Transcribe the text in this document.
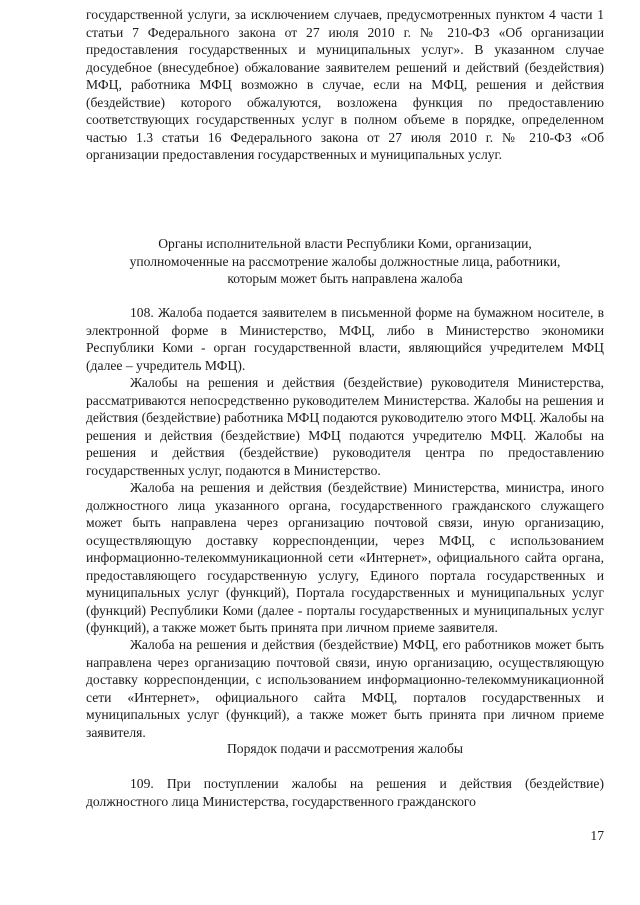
государственной услуги, за исключением случаев, предусмотренных пунктом 4 части 1 статьи 7 Федерального закона от 27 июля 2010 г. № 210-ФЗ «Об организации предоставления государственных и муниципальных услуг». В указанном случае досудебное (внесудебное) обжалование заявителем решений и действий (бездействия) МФЦ, работника МФЦ возможно в случае, если на МФЦ, решения и действия (бездействие) которого обжалуются, возложена функция по предоставлению соответствующих государственных услуг в полном объеме в порядке, определенном частью 1.3 статьи 16 Федерального закона от 27 июля 2010 г. № 210-ФЗ «Об организации предоставления государственных и муниципальных услуг.
Органы исполнительной власти Республики Коми, организации,
уполномоченные на рассмотрение жалобы должностные лица, работники,
которым может быть направлена жалоба
108. Жалоба подается заявителем в письменной форме на бумажном носителе, в электронной форме в Министерство, МФЦ, либо в Министерство экономики Республики Коми - орган государственной власти, являющийся учредителем МФЦ (далее – учредитель МФЦ).
Жалобы на решения и действия (бездействие) руководителя Министерства, рассматриваются непосредственно руководителем Министерства. Жалобы на решения и действия (бездействие) работника МФЦ подаются руководителю этого МФЦ. Жалобы на решения и действия (бездействие) МФЦ подаются учредителю МФЦ. Жалобы на решения и действия (бездействие) руководителя центра по предоставлению государственных услуг, подаются в Министерство.
Жалоба на решения и действия (бездействие) Министерства, министра, иного должностного лица указанного органа, государственного гражданского служащего может быть направлена через организацию почтовой связи, иную организацию, осуществляющую доставку корреспонденции, через МФЦ, с использованием информационно-телекоммуникационной сети «Интернет», официального сайта органа, предоставляющего государственную услугу, Единого портала государственных и муниципальных услуг (функций), Портала государственных и муниципальных услуг (функций) Республики Коми (далее - порталы государственных и муниципальных услуг (функций), а также может быть принята при личном приеме заявителя.
Жалоба на решения и действия (бездействие) МФЦ, его работников может быть направлена через организацию почтовой связи, иную организацию, осуществляющую доставку корреспонденции, с использованием информационно-телекоммуникационной сети «Интернет», официального сайта МФЦ, порталов государственных и муниципальных услуг (функций), а также может быть принята при личном приеме заявителя.
Порядок подачи и рассмотрения жалобы
109. При поступлении жалобы на решения и действия (бездействие) должностного лица Министерства, государственного гражданского
17
